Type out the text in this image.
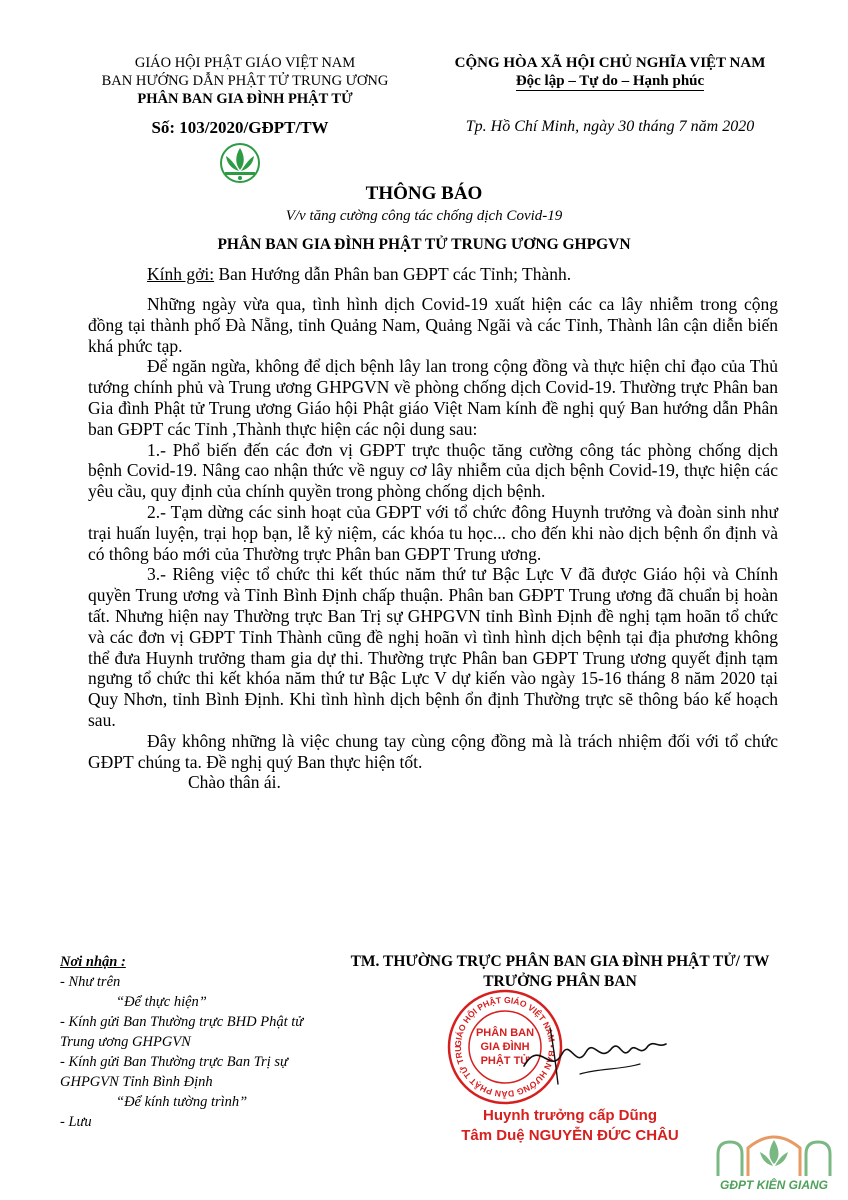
GIÁO HỘI PHẬT GIÁO VIỆT NAM
BAN HƯỚNG DẪN PHẬT TỬ TRUNG ƯƠNG
PHÂN BAN GIA ĐÌNH PHẬT TỬ
CỘNG HÒA XÃ HỘI CHỦ NGHĨA VIỆT NAM
Độc lập – Tự do – Hạnh phúc
Số: 103/2020/GĐPT/TW	Tp. Hồ Chí Minh, ngày 30 tháng 7 năm 2020
THÔNG BÁO
V/v tăng cường công tác chống dịch Covid-19
PHÂN BAN GIA ĐÌNH PHẬT TỬ TRUNG ƯƠNG GHPGVN
Kính gởi: Ban Hướng dẫn Phân ban GĐPT các Tỉnh; Thành.

Những ngày vừa qua, tình hình dịch Covid-19 xuất hiện các ca lây nhiễm trong cộng đồng tại thành phố Đà Nẵng, tỉnh Quảng Nam, Quảng Ngãi và các Tỉnh, Thành lân cận diễn biến khá phức tạp.

Để ngăn ngừa, không để dịch bệnh lây lan trong cộng đồng và thực hiện chỉ đạo của Thủ tướng chính phủ và Trung ương GHPGVN về phòng chống dịch Covid-19. Thường trực Phân ban Gia đình Phật tử Trung ương Giáo hội Phật giáo Việt Nam kính đề nghị quý Ban hướng dẫn Phân ban GĐPT các Tỉnh ,Thành thực hiện các nội dung sau:

1.- Phổ biến đến các đơn vị GĐPT trực thuộc tăng cường công tác phòng chống dịch bệnh Covid-19. Nâng cao nhận thức về nguy cơ lây nhiễm của dịch bệnh Covid-19, thực hiện các yêu cầu, quy định của chính quyền trong phòng chống dịch bệnh.

2.- Tạm dừng các sinh hoạt của GĐPT với tổ chức đông Huynh trưởng và đoàn sinh như trại huấn luyện, trại họp bạn, lễ kỷ niệm, các khóa tu học... cho đến khi nào dịch bệnh ổn định và có thông báo mới của Thường trực Phân ban GĐPT Trung ương.

3.- Riêng việc tổ chức thi kết thúc năm thứ tư Bậc Lực V đã được Giáo hội và Chính quyền Trung ương và Tỉnh Bình Định chấp thuận. Phân ban GĐPT Trung ương đã chuẩn bị hoàn tất. Nhưng hiện nay Thường trực Ban Trị sự GHPGVN tỉnh Bình Định đề nghị tạm hoãn tổ chức và các đơn vị GĐPT Tỉnh Thành cũng đề nghị hoãn vì tình hình dịch bệnh tại địa phương không thể đưa Huynh trưởng tham gia dự thi. Thường trực Phân ban GĐPT Trung ương quyết định tạm ngưng tổ chức thi kết khóa năm thứ tư Bậc Lực V dự kiến vào ngày 15-16 tháng 8 năm 2020 tại Quy Nhơn, tỉnh Bình Định. Khi tình hình dịch bệnh ổn định Thường trực sẽ thông báo kế hoạch sau.

Đây không những là việc chung tay cùng cộng đồng mà là trách nhiệm đối với tổ chức GĐPT chúng ta. Đề nghị quý Ban thực hiện tốt.

Chào thân ái.

Nơi nhận :
- Như trên
“Để thực hiện”
- Kính gửi Ban Thường trực BHD Phật tử Trung ương GHPGVN
- Kính gửi Ban Thường trực Ban Trị sự GHPGVN Tỉnh Bình Định
“Để kính tường trình”
- Lưu
TM. THƯỜNG TRỰC PHÂN BAN GIA ĐÌNH PHẬT TỬ/ TW
TRƯỞNG PHÂN BAN
GIÁO HỘI PHẬT GIÁO VIỆT NAM • BAN HƯỚNG DẪN PHẬT TỬ TRU
PHÂN BAN
GIA ĐÌNH
PHẬT TỬ
Huynh trưởng cấp Dũng
Tâm Duệ NGUYỄN ĐỨC CHÂU
GĐPT KIÊN GIANG
